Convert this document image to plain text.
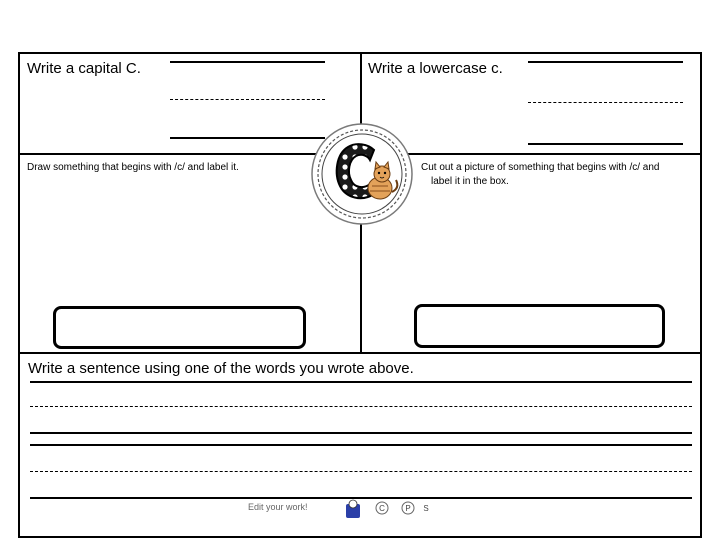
Write a capital C.	Write a lowercase c.
Draw something that begins with /c/ and label it.	Cut out a picture of something that begins with /c/ and
label it in the box.
Write a sentence using one of the words you wrote above.
Edit your work!	C	P S
